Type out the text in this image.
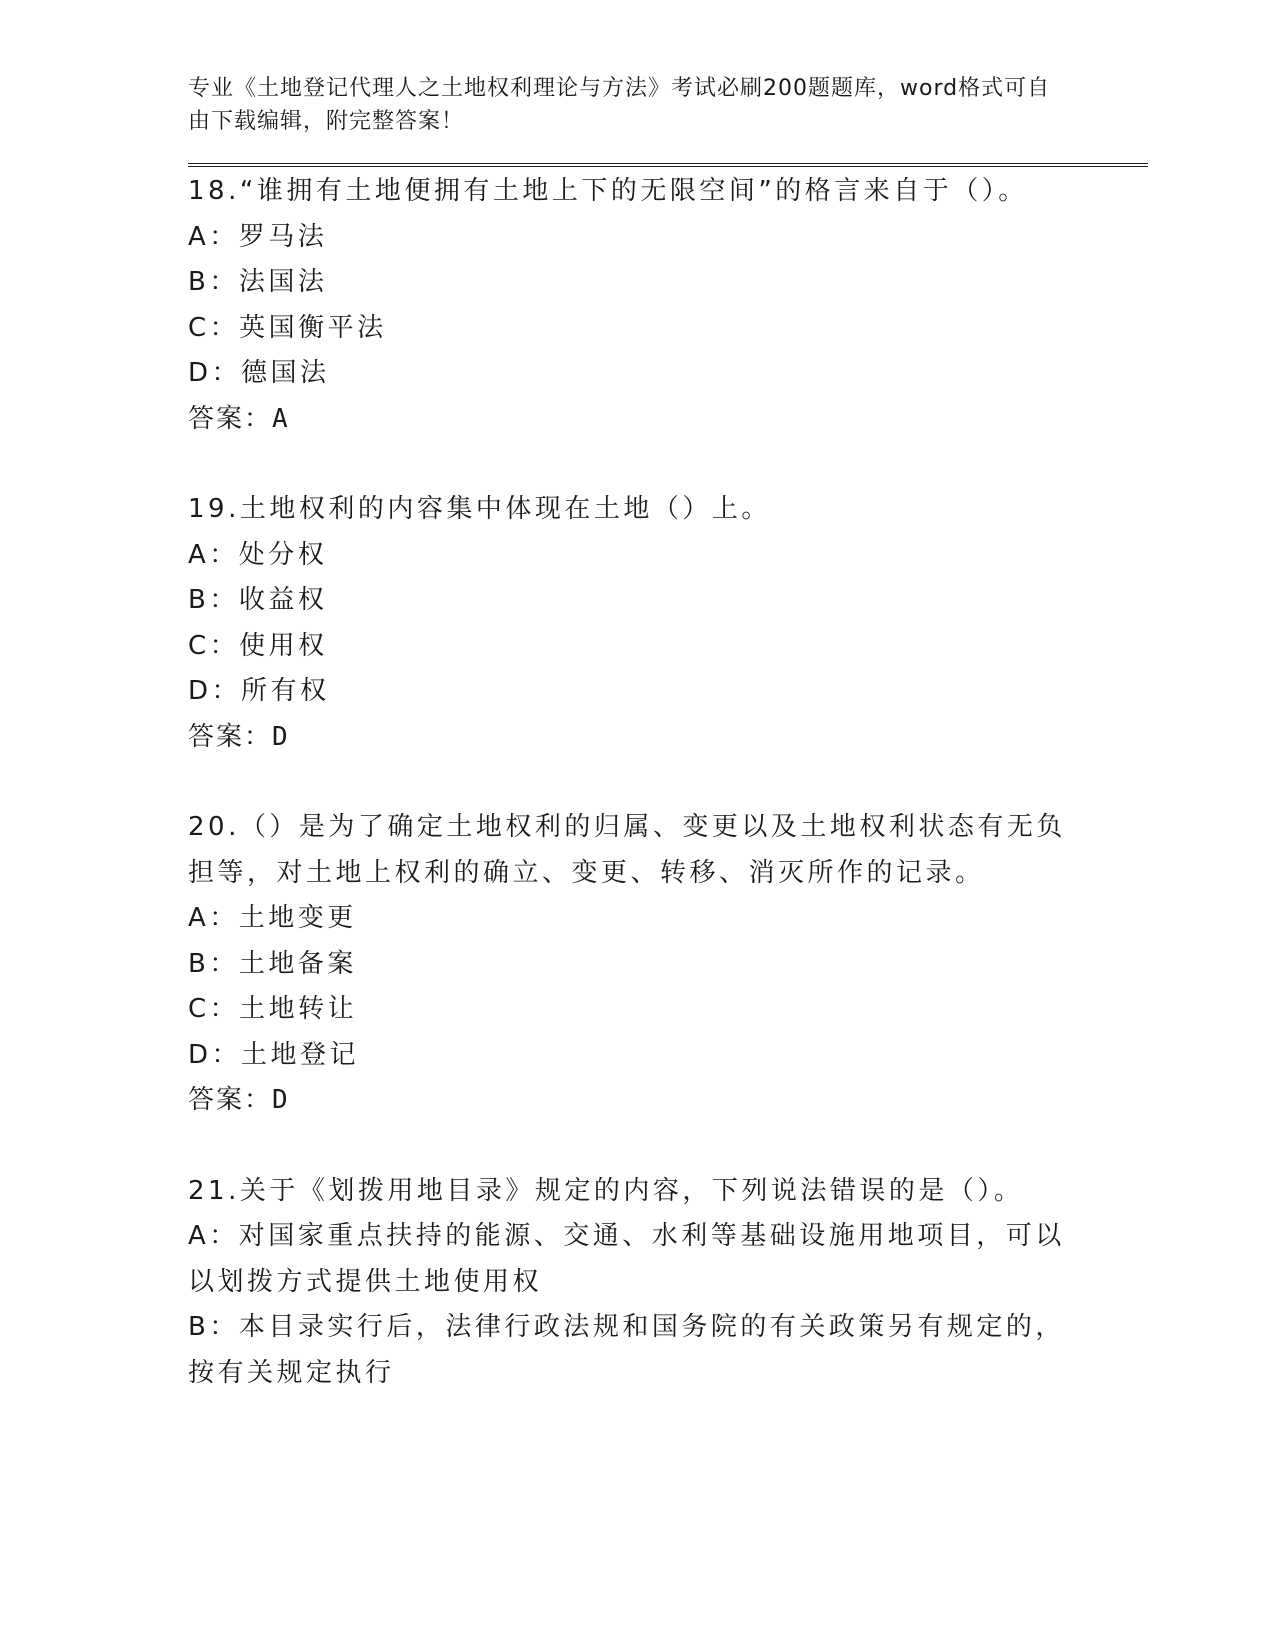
专业《土地登记代理人之土地权利理论与方法》考试必刷200题题库，word格式可自由下载编辑，附完整答案！

18.“谁拥有土地便拥有土地上下的无限空间”的格言来自于（）。

A：罗马法

B：法国法

C：英国衡平法

D：德国法

答案：A

19.土地权利的内容集中体现在土地（）上。

A：处分权

B：收益权

C：使用权

D：所有权

答案：D

20.（）是为了确定土地权利的归属、变更以及土地权利状态有无负担等，对土地上权利的确立、变更、转移、消灭所作的记录。

A：土地变更

B：土地备案

C：土地转让

D：土地登记

答案：D

21.关于《划拨用地目录》规定的内容，下列说法错误的是（）。

A：对国家重点扶持的能源、交通、水利等基础设施用地项目，可以以划拨方式提供土地使用权

B：本目录实行后，法律行政法规和国务院的有关政策另有规定的，按有关规定执行
